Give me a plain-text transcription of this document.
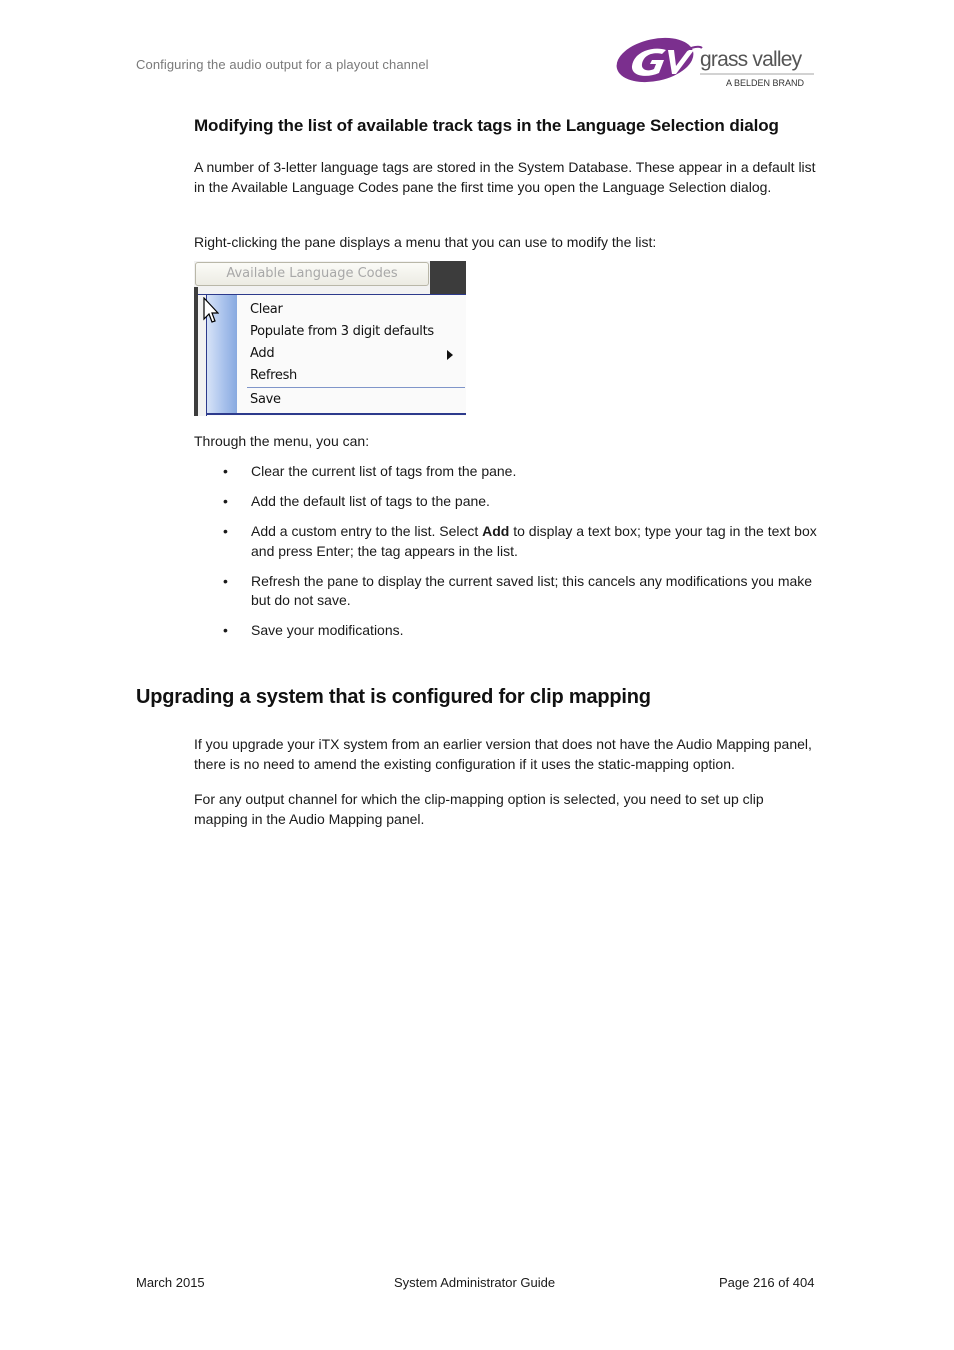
Configuring the audio output for a playout channel	grass valley
A BELDEN BRAND
Modifying the list of available track tags in the Language Selection dialog
A number of 3-letter language tags are stored in the System Database. These appear in a default list in the Available Language Codes pane the first time you open the Language Selection dialog.
Right-clicking the pane displays a menu that you can use to modify the list:
Available Language Codes
Clear
Populate from 3 digit defaults
Add
Refresh
Save
Through the menu, you can:
• Clear the current list of tags from the pane.
• Add the default list of tags to the pane.
• Add a custom entry to the list. Select Add to display a text box; type your tag in the text box and press Enter; the tag appears in the list.
• Refresh the pane to display the current saved list; this cancels any modifications you make but do not save.
• Save your modifications.
Upgrading a system that is configured for clip mapping
If you upgrade your iTX system from an earlier version that does not have the Audio Mapping panel, there is no need to amend the existing configuration if it uses the static-mapping option.
For any output channel for which the clip-mapping option is selected, you need to set up clip mapping in the Audio Mapping panel.
March 2015	System Administrator Guide	Page 216 of 404
